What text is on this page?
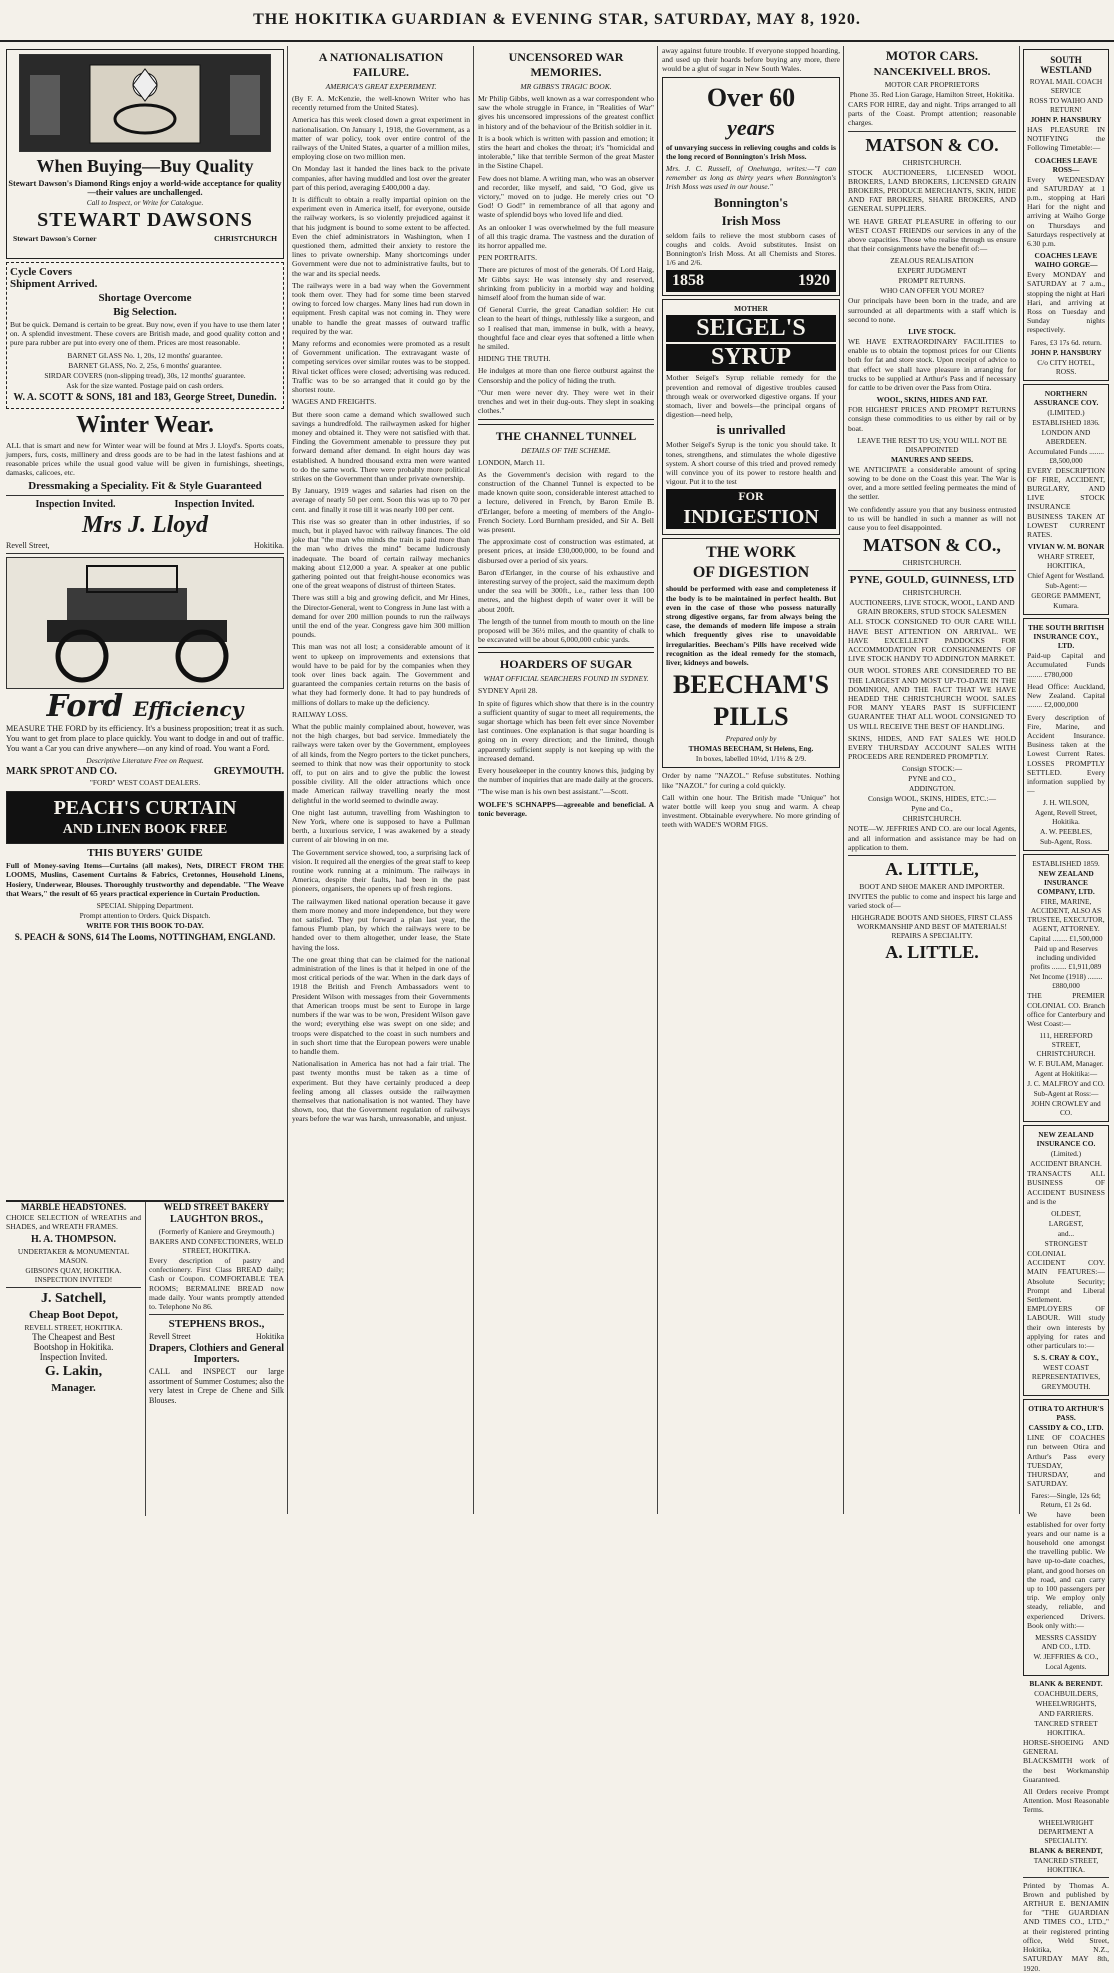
THE HOKITIKA GUARDIAN & EVENING STAR, SATURDAY, MAY 8, 1920.
When Buying—Buy Quality
Stewart Dawson's Diamond Rings enjoy a world-wide acceptance for quality—their values are unchallenged.
Call to Inspect, or Write for Catalogue.
STEWART DAWSONS
Stewart Dawson's Corner	CHRISTCHURCH
Cycle Covers
Shipment Arrived.
Shortage Overcome
Big Selection.

But be quick. Demand is certain to be great. Buy now, even if you have to use them later on. A splendid investment. These covers are British made, and good quality cotton and pure para rubber are put into every one of them. Prices are most reasonable.

BARNET GLASS No. 1, 20s, 12 months' guarantee.
BARNET GLASS, No. 2, 25s, 6 months' guarantee.
SIRDAR COVERS (non-slipping tread), 30s, 12 months' guarantee.
Ask for the size wanted. Postage paid on cash orders.
W. A. SCOTT & SONS, 181 and 183, George Street, Dunedin.
Winter Wear.

ALL that is smart and new for Winter wear will be found at Mrs J. Lloyd's. Sports coats, jumpers, furs, costs, millinery and dress goods are to be had in the latest fashions and at reasonable prices while the usual good value will be given in furnishings, sheetings, damasks, calicoes, etc.

Dressmaking a Speciality. Fit & Style Guaranteed
Inspection Invited.	Inspection Invited.
Mrs J. Lloyd
Revell Street,	Hokitika.
Ford Efficiency

MEASURE THE FORD by its efficiency. It's a business proposition; treat it as such. You want to get from place to place quickly. You want to dodge in and out of traffic. You want a Car you can drive anywhere—on any kind of road. You want a Ford.

Descriptive Literature Free on Request.
MARK SPROT AND CO.	GREYMOUTH.
"FORD" WEST COAST DEALERS.
PEACH'S CURTAIN
AND LINEN BOOK FREE
THIS BUYERS' GUIDE

Full of Money-saving Items—Curtains (all makes), Nets, DIRECT FROM THE LOOMS, Muslins, Casement Curtains & Fabrics, Cretonnes, Household Linens, Hosiery, Underwear, Blouses. Thoroughly trustworthy and dependable. "The Weave that Wears," the result of 65 years practical experience in Curtain Production.

SPECIAL Shipping Department.
Prompt attention to Orders. Quick Dispatch.
WRITE FOR THIS BOOK TO-DAY.
S. PEACH & SONS, 614 The Looms, NOTTINGHAM, ENGLAND.
A NATIONALISATION FAILURE.
AMERICA'S GREAT EXPERIMENT.

(By F. A. McKenzie, the well-known Writer who has recently returned from the United States).

America has this week closed down a great experiment in nationalisation. On January 1, 1918, the Government, as a matter of war policy, took over entire control of the railways of the United States, a quarter of a million miles, employing close on two million men.

On Monday last it handed the lines back to the private companies, after having muddled and lost over the greater part of this period, averaging £400,000 a day.

It is difficult to obtain a really impartial opinion on the experiment even in America itself, for everyone, outside the railway workers, is so violently prejudiced against it that his judgment is bound to some extent to be affected. Even the chief administrators in Washington, when I questioned them, admitted their anxiety to restore the lines to private ownership. Many shortcomings under Government were due not to administrative faults, but to the war and its special needs.

The railways were in a bad way when the Government took them over. They had for some time been starved owing to forced low charges. Many lines had run down in equipment. Fresh capital was not coming in. They were unable to handle the great masses of outward traffic required by the war.

Many reforms and economies were promoted as a result of Government unification. The extravagant waste of competing services over similar routes was to be stopped. Rival ticket offices were closed; advertising was reduced. Traffic was to be so arranged that it could go by the shortest route.

WAGES AND FREIGHTS.

But there soon came a demand which swallowed such savings a hundredfold. The railwaymen asked for higher money and obtained it. They were not satisfied with that. Finding the Government amenable to pressure they put forward demand after demand. In eight hours day was established. A hundred thousand extra men were wanted to do the same work. There were probably more political strikes on the Government than under private ownership.

By January, 1919 wages and salaries had risen on the average of nearly 50 per cent. Soon this was up to 70 per cent. and finally it rose till it was nearly 100 per cent.

This rise was so greater than in other industries, if so much, but it played havoc with railway finances. The old joke that "the man who minds the train is paid more than the man who drives the mind" became ludicrously inadequate. The board of certain railway mechanics making about £12,000 a year. A speaker at one public gathering pointed out that freight-house economics was one of the great weapons of distrust of thirteen States.

There was still a big and growing deficit, and Mr Hines, the Director-General, went to Congress in June last with a demand for over 200 million pounds to run the railways until the end of the year. Congress gave him 300 million pounds.

This man was not all lost; a considerable amount of it went to upkeep on improvements and extensions that would have to be paid for by the companies when they took over lines back again. The Government and guaranteed the companies certain returns on the basis of what they had formerly done. It had to pay hundreds of millions of dollars to make up the deficiency.

RAILWAY LOSS.

What the public mainly complained about, however, was not the high charges, but bad service. Immediately the railways were taken over by the Government, employees of all kinds, from the Negro porters to the ticket punchers, seemed to think that now was their opportunity to stock off, to put on airs and to give the public the lowest possible civility. All the older attractions which once made American railway travelling nearly the most delightful in the world seemed to dwindle away.

One night last autumn, travelling from Washington to New York, where one is supposed to have a Pullman berth, a luxurious service, I was awakened by a steady current of air blowing in on me.

The Government service showed, too, a surprising lack of vision. It required all the energies of the great staff to keep routine work running at a minimum. The railways in America, despite their faults, had been in the past pioneers, organisers, the openers up of fresh regions.

The railwaymen liked national operation because it gave them more money and more independence, but they were not satisfied. They put forward a plan last year, the famous Plumb plan, by which the railways were to be handed over to them altogether, under lease, the State having the loss.

The one great thing that can be claimed for the national administration of the lines is that it helped in one of the most critical periods of the war. When in the dark days of 1918 the British and French Ambassadors went to President Wilson with messages from their Governments that American troops must be sent to Europe in large numbers if the war was to be won, President Wilson gave the word; everything else was swept on one side; and troops were dispatched to the coast in such numbers and in such short time that the European powers were unable to handle them.

Nationalisation in America has not had a fair trial. The past twenty months must be taken as a time of experiment. But they have certainly produced a deep feeling among all classes outside the railwaymen themselves that nationalisation is not wanted. They have shown, too, that the Government regulation of railways years before the war was harsh, unreasonable, and unjust.

UNCENSORED WAR MEMORIES.
MR GIBBS'S TRAGIC BOOK.

Mr Philip Gibbs, well known as a war correspondent who saw the whole struggle in France, in "Realities of War" gives his uncensored impressions of the greatest conflict in history and of the behaviour of the British soldier in it.

It is a book which is written with passion and emotion; it stirs the heart and chokes the throat; it's "homicidal and intolerable," like that terrible Sermon of the great Master in the Sistine Chapel.

Few does not blame. A writing man, who was an observer and recorder, like myself, and said, "O God, give us victory," moved on to judge. He merely cries out "O God! O God!" in remembrance of all that agony and waste of splendid boys who loved life and died.

As an onlooker I was overwhelmed by the full measure of all this tragic drama. The vastness and the duration of its horror appalled me.

PEN PORTRAITS.

There are pictures of most of the generals. Of Lord Haig, Mr Gibbs says: He was intensely shy and reserved, shrinking from publicity in a morbid way and holding himself aloof from the human side of war.

Of General Currie, the great Canadian soldier: He cut clean to the heart of things, ruthlessly like a surgeon, and so I realised that man, immense in bulk, with a heavy, thoughtful face and clear eyes that softened a little when he smiled.

HIDING THE TRUTH.

He indulges at more than one fierce outburst against the Censorship and the policy of hiding the truth.

"Our men were never dry. They were wet in their trenches and wet in their dug-outs. They slept in soaking clothes."

THE CHANNEL TUNNEL
DETAILS OF THE SCHEME.

LONDON, March 11.

As the Government's decision with regard to the construction of the Channel Tunnel is expected to be made known quite soon, considerable interest attached to a lecture, delivered in French, by Baron Emile B. d'Erlanger, before a meeting of members of the Anglo-French Society. Lord Burnham presided, and Sir A. Bell was present.

The approximate cost of construction was estimated, at present prices, at inside £30,000,000, to be found and disbursed over a period of six years.

Baron d'Erlanger, in the course of his exhaustive and interesting survey of the project, said the maximum depth under the sea will be 300ft., i.e., rather less than 100 metres, and the highest depth of water over it will be about 200ft.

The length of the tunnel from mouth to mouth on the line proposed will be 36½ miles, and the quantity of chalk to be excavated will be about 6,000,000 cubic yards.

HOARDERS OF SUGAR
WHAT OFFICIAL SEARCHERS FOUND IN SYDNEY.

SYDNEY April 28.

In spite of figures which show that there is in the country a sufficient quantity of sugar to meet all requirements, the sugar shortage which has been felt ever since November last continues. One explanation is that sugar hoarding is going on in every direction; and the limited, though apparently sufficient supply is not keeping up with the increased demand.

Every housekeeper in the country knows this, judging by the number of inquiries that are made daily at the grocers.

"The wise man is his own best assistant."—Scott.

WOLFE'S SCHNAPPS—agreeable and beneficial. A tonic beverage.

away against future trouble. If everyone stopped hoarding, and used up their hoards before buying any more, there would be a glut of sugar in New South Wales.

Over 60
years

of unvarying success in relieving coughs and colds is the long record of Bonnington's Irish Moss.

Mrs. J. C. Russell, of Onehunga, writes:—"I can remember as long as thirty years when Bonnington's Irish Moss was used in our house."

Bonnington's
Irish Moss

seldom fails to relieve the most stubborn cases of coughs and colds. Avoid substitutes. Insist on Bonnington's Irish Moss. At all Chemists and Stores. 1/6 and 2/6.

1858	1920
MOTHER
SEIGEL'S
SYRUP

Mother Seigel's Syrup reliable remedy for the prevention and removal of digestive troubles caused through weak or overworked digestive organs. If your stomach, liver and bowels—the principal organs of digestion—need help,

is unrivalled

Mother Seigel's Syrup is the tonic you should take. It tones, strengthens, and stimulates the whole digestive system. A short course of this tried and proved remedy will convince you of its power to restore health and vigour. Put it to the test

FOR
INDIGESTION
THE WORK
OF DIGESTION

should be performed with ease and completeness if the body is to be maintained in perfect health. But even in the case of those who possess naturally strong digestive organs, far from always being the case, the demands of modern life impose a strain which frequently gives rise to unavoidable irregularities. Beecham's Pills have received wide recognition as the ideal remedy for the stomach, liver, kidneys and bowels.

BEECHAM'S
PILLS
Prepared only by
THOMAS BEECHAM, St Helens, Eng.
In boxes, labelled 10½d, 1/1½ & 2/9.

Order by name "NAZOL." Refuse substitutes. Nothing like "NAZOL" for curing a cold quickly.

Call within one hour. The British made "Unique" hot water bottle will keep you snug and warm. A cheap investment. Obtainable everywhere. No more grinding of teeth with WADE'S WORM FIGS.

MOTOR CARS.
NANCEKIVELL BROS.
MOTOR CAR PROPRIETORS
Phone 35. Red Lion Garage, Hamilton Street, Hokitika.

CARS FOR HIRE, day and night. Trips arranged to all parts of the Coast. Prompt attention; reasonable charges.

MATSON & CO.
CHRISTCHURCH.

STOCK AUCTIONEERS, LICENSED WOOL BROKERS, LAND BROKERS, LICENSED GRAIN BROKERS, PRODUCE MERCHANTS, SKIN, HIDE AND FAT BROKERS, SHARE BROKERS, AND GENERAL SUPPLIERS.

WE HAVE GREAT PLEASURE in offering to our WEST COAST FRIENDS our services in any of the above capacities. Those who realise through us ensure that their consignments have the benefit of:—

ZEALOUS REALISATION
EXPERT JUDGMENT
PROMPT RETURNS.
WHO CAN OFFER YOU MORE?

Our principals have been born in the trade, and are surrounded at all departments with a staff which is second to none.

LIVE STOCK.

WE HAVE EXTRAORDINARY FACILITIES to enable us to obtain the topmost prices for our Clients both for fat and store stock. Upon receipt of advice to that effect we shall have pleasure in arranging for trucks to be supplied at Arthur's Pass and if necessary for cattle to be driven over the Pass from Otira.

WOOL, SKINS, HIDES AND FAT.

FOR HIGHEST PRICES AND PROMPT RETURNS consign these commodities to us either by rail or by boat.

LEAVE THE REST TO US; YOU WILL NOT BE DISAPPOINTED
MANURES AND SEEDS.

WE ANTICIPATE a considerable amount of spring sowing to be done on the Coast this year. The War is over, and a more settled feeling permeates the mind of the settler.

We confidently assure you that any business entrusted to us will be handled in such a manner as will not cause you to feel disappointed.

MATSON & CO.,
CHRISTCHURCH.
PYNE, GOULD, GUINNESS, LTD
CHRISTCHURCH.
AUCTIONEERS, LIVE STOCK, WOOL, LAND AND GRAIN BROKERS, STUD STOCK SALESMEN

ALL STOCK CONSIGNED TO OUR CARE WILL HAVE BEST ATTENTION ON ARRIVAL. WE HAVE EXCELLENT PADDOCKS FOR ACCOMMODATION FOR CONSIGNMENTS OF LIVE STOCK HANDY TO ADDINGTON MARKET.

OUR WOOL STORES ARE CONSIDERED TO BE THE LARGEST AND MOST UP-TO-DATE IN THE DOMINION, AND THE FACT THAT WE HAVE HEADED THE CHRISTCHURCH WOOL SALES FOR MANY YEARS PAST IS SUFFICIENT GUARANTEE THAT ALL WOOL CONSIGNED TO US WILL RECEIVE THE BEST OF HANDLING.

SKINS, HIDES, AND FAT SALES WE HOLD EVERY THURSDAY ACCOUNT SALES WITH PROCEEDS ARE RENDERED PROMPTLY.

Consign STOCK:—
PYNE and CO.,
ADDINGTON.
Consign WOOL, SKINS, HIDES, ETC.:—
Pyne and Co.,
CHRISTCHURCH.

NOTE—W. JEFFRIES AND CO. are our local Agents, and all information and assistance may be had on application to them.

A. LITTLE,
BOOT AND SHOE MAKER AND IMPORTER.

INVITES the public to come and inspect his large and varied stock of—

HIGHGRADE BOOTS AND SHOES, FIRST CLASS WORKMANSHIP AND BEST OF MATERIALS! REPAIRS A SPECIALITY.
A. LITTLE.
SOUTH WESTLAND
ROYAL MAIL COACH SERVICE
ROSS TO WAIHO AND RETURN!
JOHN P. HANSBURY

HAS PLEASURE IN NOTIFYING the Following Timetable:—

COACHES LEAVE ROSS—

Every WEDNESDAY and SATURDAY at 1 p.m., stopping at Hari Hari for the night and arriving at Waiho Gorge on Thursdays and Saturdays respectively at 6.30 p.m.

COACHES LEAVE WAIHO GORGE—

Every MONDAY and SATURDAY at 7 a.m., stopping the night at Hari Hari, and arriving at Ross on Tuesday and Sunday nights respectively.

Fares, £3 17s 6d. return.
JOHN P. HANSBURY
C/o CITY HOTEL, ROSS.
NORTHERN ASSURANCE COY.
(LIMITED.)
ESTABLISHED 1836.
LONDON AND ABERDEEN.
Accumulated Funds ........ £8,500,000

EVERY DESCRIPTION OF FIRE, ACCIDENT, BURGLARY, AND LIVE STOCK INSURANCE BUSINESS TAKEN AT LOWEST CURRENT RATES.

VIVIAN W. M. BONAR
WHARF STREET, HOKITIKA,
Chief Agent for Westland.
Sub-Agent:—
GEORGE PAMMENT,
Kumara.
THE SOUTH BRITISH INSURANCE COY., LTD.

Paid-up Capital and Accumulated Funds ........ £780,000

Head Office: Auckland, New Zealand. Capital ........ £2,000,000

Every description of Fire, Marine, and Accident Insurance. Business taken at the Lowest Current Rates. LOSSES PROMPTLY SETTLED. Every information supplied by—

J. H. WILSON,
Agent, Revell Street, Hokitika.
A. W. PEEBLES,
Sub-Agent, Ross.
ESTABLISHED 1859.
NEW ZEALAND INSURANCE COMPANY, LTD.
FIRE, MARINE, ACCIDENT, ALSO AS TRUSTEE, EXECUTOR, AGENT, ATTORNEY.
Capital ........ £1,500,000
Paid up and Reserves including undivided profits ........ £1,911,089
Net Income (1918) ........ £880,000

THE PREMIER COLONIAL CO. Branch office for Canterbury and West Coast:—

111, HEREFORD STREET, CHRISTCHURCH.
W. F. BULAM, Manager.
Agent at Hokitika:—
J. C. MALFROY and CO.
Sub-Agent at Ross:—
JOHN CROWLEY and CO.
NEW ZEALAND INSURANCE CO.
(Limited.)
ACCIDENT BRANCH.

TRANSACTS ALL BUSINESS OF ACCIDENT BUSINESS and is the

OLDEST,
LARGEST,
and...
STRONGEST

COLONIAL ACCIDENT COY. MAIN FEATURES:—Absolute Security; Prompt and Liberal Settlement. EMPLOYERS OF LABOUR. Will study their own interests by applying for rates and other particulars to:—

S. S. CRAY & COY.,
WEST COAST REPRESENTATIVES,
GREYMOUTH.
OTIRA TO ARTHUR'S PASS.
CASSIDY & CO., LTD.

LINE OF COACHES run between Otira and Arthur's Pass every TUESDAY, THURSDAY, and SATURDAY.

Fares:—Single, 12s 6d; Return, £1 2s 6d.

We have been established for over forty years and our name is a household one amongst the travelling public. We have up-to-date coaches, plant, and good horses on the road, and can carry up to 100 passengers per trip. We employ only steady, reliable, and experienced Drivers. Book only with:—

MESSRS CASSIDY AND CO., LTD.
W. JEFFRIES & CO.,
Local Agents.
BLANK & BERENDT.
COACHBUILDERS,
WHEELWRIGHTS,
AND FARRIERS.
TANCRED STREET HOKITIKA.

HORSE-SHOEING AND GENERAL BLACKSMITH work of the best Workmanship Guaranteed.

All Orders receive Prompt Attention. Most Reasonable Terms.

WHEELWRIGHT DEPARTMENT A SPECIALITY.
BLANK & BERENDT,
TANCRED STREET, HOKITIKA.

Printed by Thomas A. Brown and published by ARTHUR E. BENJAMIN for "THE GUARDIAN AND TIMES CO., LTD.," at their registered printing office, Weld Street, Hokitika, N.Z., SATURDAY MAY 8th, 1920.

MARBLE HEADSTONES.

CHOICE SELECTION of WREATHS and SHADES, and WREATH FRAMES.

H. A. THOMPSON.
UNDERTAKER & MONUMENTAL MASON.
GIBSON'S QUAY, HOKITIKA. INSPECTION INVITED!
J. Satchell,
Cheap Boot Depot,
REVELL STREET, HOKITIKA.
The Cheapest and Best
Bootshop in Hokitika.
Inspection Invited.
G. Lakin,
Manager.
WELD STREET BAKERY
LAUGHTON BROS.,
(Formerly of Kaniere and Greymouth.)
BAKERS AND CONFECTIONERS, WELD STREET, HOKITIKA.

Every description of pastry and confectionery. First Class BREAD daily; Cash or Coupon. COMFORTABLE TEA ROOMS; BERMALINE BREAD now made daily. Your wants promptly attended to. Telephone No 86.

STEPHENS BROS.,
Revell Street	Hokitika
Drapers, Clothiers and General Importers.

CALL and INSPECT our large assortment of Summer Costumes; also the very latest in Crepe de Chene and Silk Blouses.
